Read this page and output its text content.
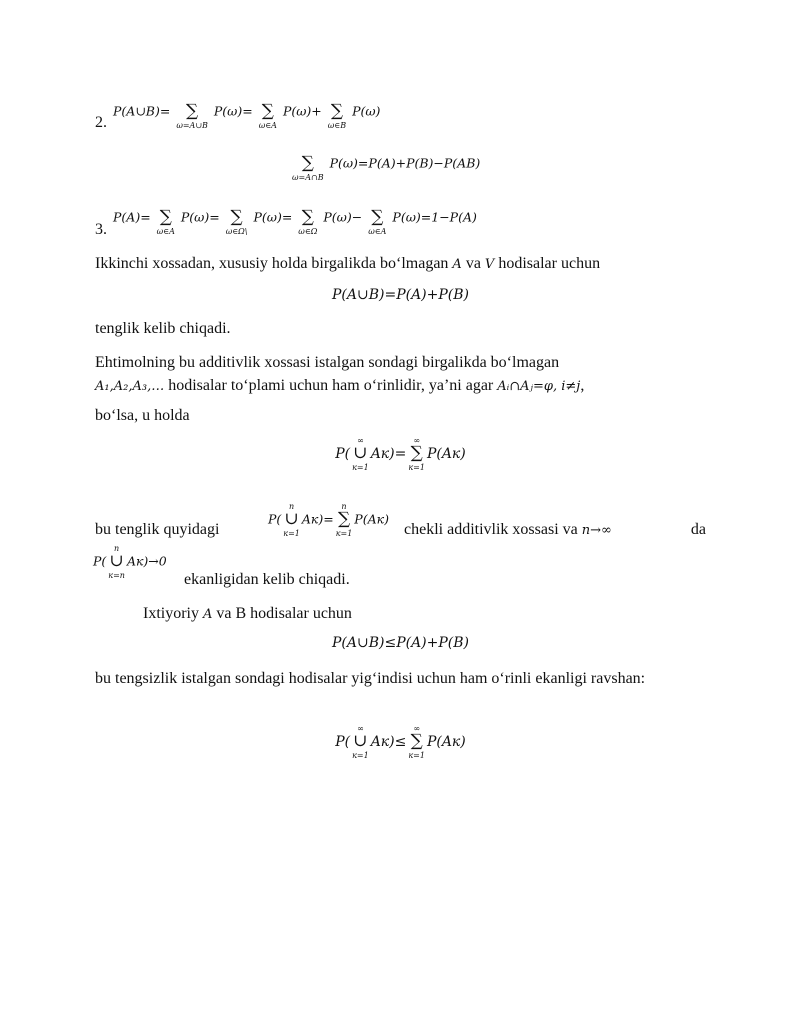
2.
P(A∪B)=
∑
ω=A∪B
P(ω)=
∑
ω∈A
P(ω)+
∑
ω∈B
P(ω)

∑
ω=A∩B
P(ω)=P(A)+P(B)−P(AB)
3.
P(A)=
∑
ω∈A
P(ω)=
∑
ω∈Ω\
P(ω)=
∑
ω∈Ω
P(ω)−
∑
ω∈A
P(ω)=1−P(A)

Ikkinchi xossadan, xususiy holda birgalikda bo‘lmagan A va V hodisalar uchun

P(A∪B)=P(A)+P(B)

tenglik kelib chiqadi.

Ehtimolning bu additivlik xossasi istalgan sondagi birgalikda bo‘lmagan

A₁,A₂,A₃,… hodisalar to‘plami uchun ham o‘rinlidir, ya’ni agar Aᵢ∩Aⱼ=φ, i≠j,

bo‘lsa, u holda

P(
∞
∪
к=1
Aк)=
∞
∑
к=1
P(Aк)

bu tenglik quyidagi

P(
n
∪
к=1
Aк)=
n
∑
к=1
P(Aк)

chekli additivlik xossasi va n→∞	da

P(
n
∪
к=n
Aк)→0

ekanligidan kelib chiqadi.

Ixtiyoriy A va B hodisalar uchun

P(A∪B)≤P(A)+P(B)

bu tengsizlik istalgan sondagi hodisalar yig‘indisi uchun ham o‘rinli ekanligi ravshan:

P(
∞
∪
к=1
Aк)≤
∞
∑
к=1
P(Aк)
